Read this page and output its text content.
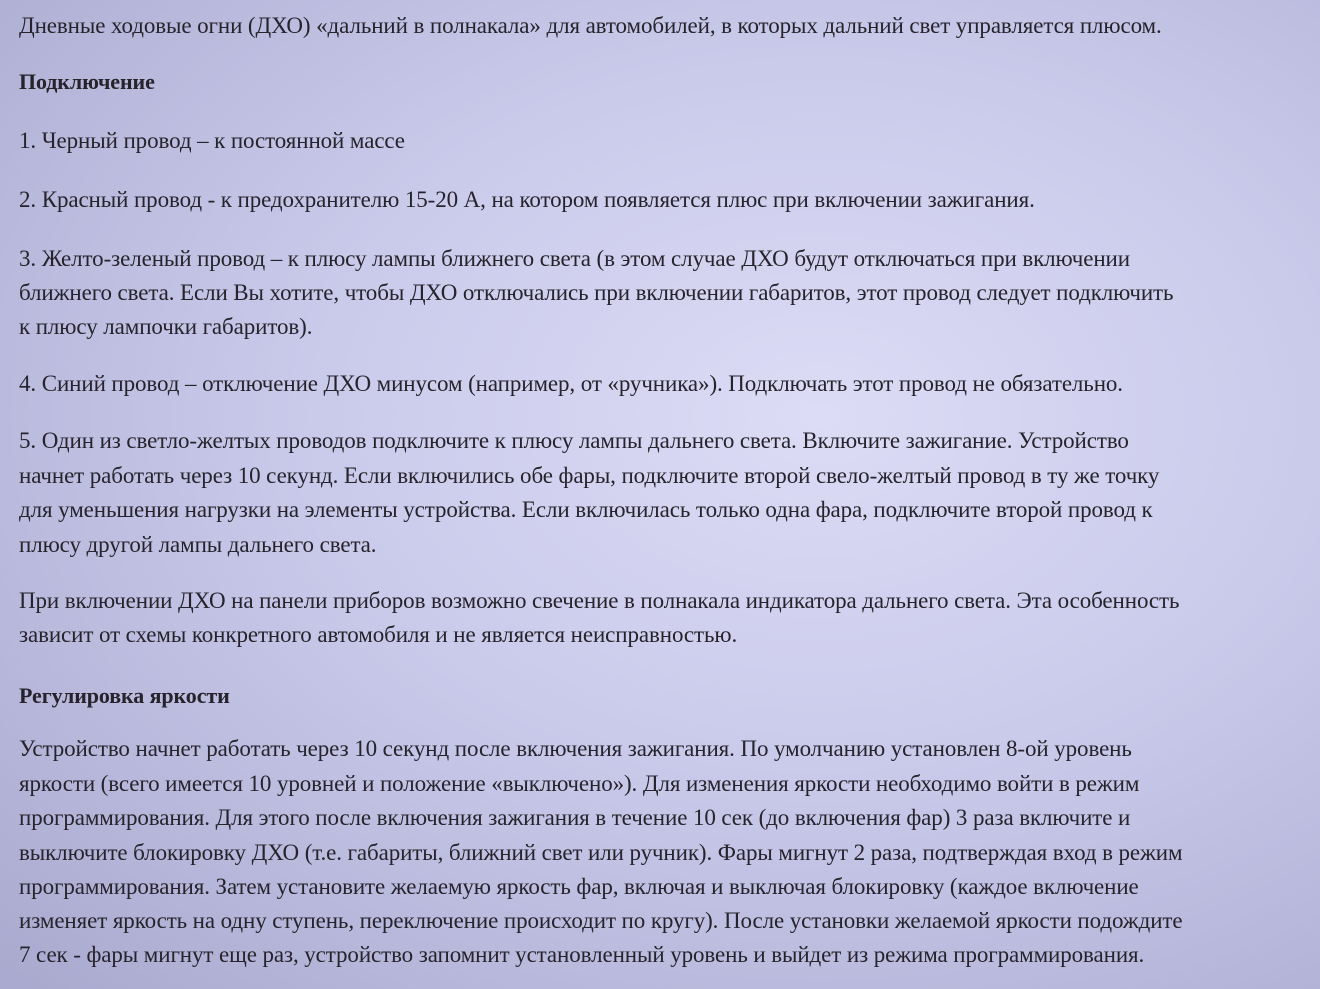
Дневные ходовые огни (ДХО) «дальний в полнакала» для автомобилей, в которых дальний свет управляется плюсом.
Подключение
1. Черный провод – к постоянной массе
2. Красный провод - к предохранителю 15-20 А, на котором появляется плюс при включении зажигания.
3. Желто-зеленый провод – к плюсу лампы ближнего света (в этом случае ДХО будут отключаться при включении
ближнего света. Если Вы хотите, чтобы ДХО отключались при включении габаритов, этот провод следует подключить
к плюсу лампочки габаритов).
4. Синий провод – отключение ДХО минусом (например, от «ручника»). Подключать этот провод не обязательно.
5. Один из светло-желтых проводов подключите к плюсу лампы дальнего света. Включите зажигание. Устройство
начнет работать через 10 секунд. Если включились обе фары, подключите второй свело-желтый провод в ту же точку
для уменьшения нагрузки на элементы устройства. Если включилась только одна фара, подключите второй провод к
плюсу другой лампы дальнего света.
При включении ДХО на панели приборов возможно свечение в полнакала индикатора дальнего света. Эта особенность
зависит от схемы конкретного автомобиля и не является неисправностью.
Регулировка яркости
Устройство начнет работать через 10 секунд после включения зажигания. По умолчанию установлен 8-ой уровень
яркости (всего имеется 10 уровней и положение «выключено»). Для изменения яркости необходимо войти в режим
программирования. Для этого после включения зажигания в течение 10 сек (до включения фар) 3 раза включите и
выключите блокировку ДХО (т.е. габариты, ближний свет или ручник). Фары мигнут 2 раза, подтверждая вход в режим
программирования. Затем установите желаемую яркость фар, включая и выключая блокировку (каждое включение
изменяет яркость на одну ступень, переключение происходит по кругу). После установки желаемой яркости подождите
7 сек - фары мигнут еще раз, устройство запомнит установленный уровень и выйдет из режима программирования.
